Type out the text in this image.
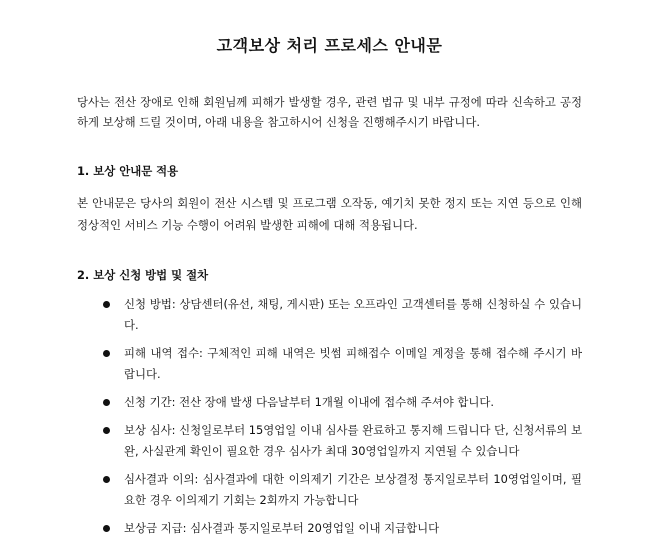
고객보상 처리 프로세스 안내문

당사는 전산 장애로 인해 회원님께 피해가 발생할 경우, 관련 법규 및 내부 규정에 따라 신속하고 공정하게 보상해 드릴 것이며, 아래 내용을 참고하시어 신청을 진행해주시기 바랍니다.

1. 보상 안내문 적용

본 안내문은 당사의 회원이 전산 시스템 및 프로그램 오작동, 예기치 못한 정지 또는 지연 등으로 인해 정상적인 서비스 기능 수행이 어려워 발생한 피해에 대해 적용됩니다.

2. 보상 신청 방법 및 절차
신청 방법: 상담센터(유선, 채팅, 게시판) 또는 오프라인 고객센터를 통해 신청하실 수 있습니다.
피해 내역 접수: 구체적인 피해 내역은 빗썸 피해접수 이메일 계정을 통해 접수해 주시기 바랍니다.
신청 기간: 전산 장애 발생 다음날부터 1개월 이내에 접수해 주셔야 합니다.
보상 심사: 신청일로부터 15영업일 이내 심사를 완료하고 통지해 드립니다 단, 신청서류의 보완, 사실관계 확인이 필요한 경우 심사가 최대 30영업일까지 지연될 수 있습니다
심사결과 이의: 심사결과에 대한 이의제기 기간은 보상결정 통지일로부터 10영업일이며, 필요한 경우 이의제기 기회는 2회까지 가능합니다
보상금 지급: 심사결과 통지일로부터 20영업일 이내 지급합니다
